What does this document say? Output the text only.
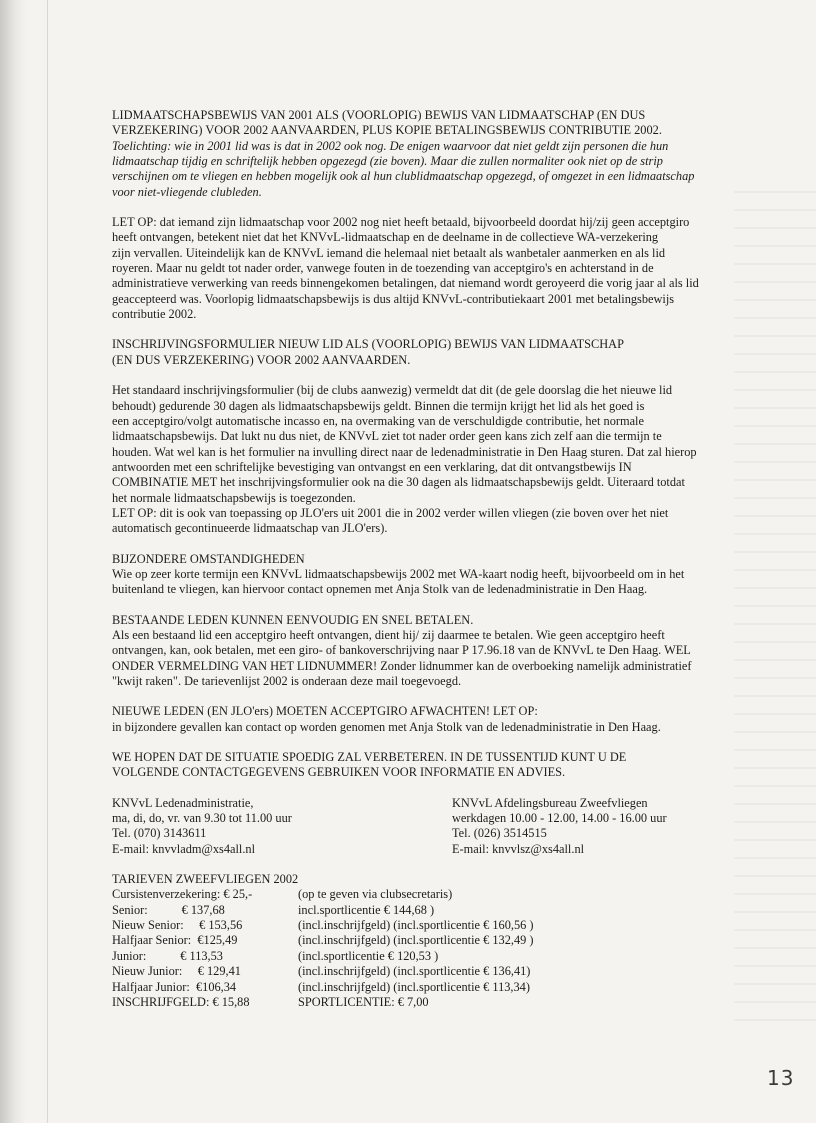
LIDMAATSCHAPSBEWIJS VAN 2001 ALS (VOORLOPIG) BEWIJS VAN LIDMAATSCHAP (EN DUS
VERZEKERING) VOOR 2002 AANVAARDEN, PLUS KOPIE BETALINGSBEWIJS CONTRIBUTIE 2002.
Toelichting: wie in 2001 lid was is dat in 2002 ook nog. De enigen waarvoor dat niet geldt zijn personen die hun
lidmaatschap tijdig en schriftelijk hebben opgezegd (zie boven). Maar die zullen normaliter ook niet op de strip
verschijnen om te vliegen en hebben mogelijk ook al hun clublidmaatschap opgezegd, of omgezet in een lidmaatschap
voor niet-vliegende clubleden.
LET OP: dat iemand zijn lidmaatschap voor 2002 nog niet heeft betaald, bijvoorbeeld doordat hij/zij geen acceptgiro
heeft ontvangen, betekent niet dat het KNVvL-lidmaatschap en de deelname in de collectieve WA-verzekering
zijn vervallen. Uiteindelijk kan de KNVvL iemand die helemaal niet betaalt als wanbetaler aanmerken en als lid
royeren. Maar nu geldt tot nader order, vanwege fouten in de toezending van acceptgiro's en achterstand in de
administratieve verwerking van reeds binnengekomen betalingen, dat niemand wordt geroyeerd die vorig jaar al als lid
geaccepteerd was. Voorlopig lidmaatschapsbewijs is dus altijd KNVvL-contributiekaart 2001 met betalingsbewijs
contributie 2002.
INSCHRIJVINGSFORMULIER NIEUW LID ALS (VOORLOPIG) BEWIJS VAN LIDMAATSCHAP
(EN DUS VERZEKERING) VOOR 2002 AANVAARDEN.
Het standaard inschrijvingsformulier (bij de clubs aanwezig) vermeldt dat dit (de gele doorslag die het nieuwe lid
behoudt) gedurende 30 dagen als lidmaatschapsbewijs geldt. Binnen die termijn krijgt het lid als het goed is
een acceptgiro/volgt automatische incasso en, na overmaking van de verschuldigde contributie, het normale
lidmaatschapsbewijs. Dat lukt nu dus niet, de KNVvL ziet tot nader order geen kans zich zelf aan die termijn te
houden. Wat wel kan is het formulier na invulling direct naar de ledenadministratie in Den Haag sturen. Dat zal hierop
antwoorden met een schriftelijke bevestiging van ontvangst en een verklaring, dat dit ontvangstbewijs IN
COMBINATIE MET het inschrijvingsformulier ook na die 30 dagen als lidmaatschapsbewijs geldt. Uiteraard totdat
het normale lidmaatschapsbewijs is toegezonden.
LET OP: dit is ook van toepassing op JLO'ers uit 2001 die in 2002 verder willen vliegen (zie boven over het niet
automatisch gecontinueerde lidmaatschap van JLO'ers).
BIJZONDERE OMSTANDIGHEDEN
Wie op zeer korte termijn een KNVvL lidmaatschapsbewijs 2002 met WA-kaart nodig heeft, bijvoorbeeld om in het
buitenland te vliegen, kan hiervoor contact opnemen met Anja Stolk van de ledenadministratie in Den Haag.
BESTAANDE LEDEN KUNNEN EENVOUDIG EN SNEL BETALEN.
Als een bestaand lid een acceptgiro heeft ontvangen, dient hij/ zij daarmee te betalen. Wie geen acceptgiro heeft
ontvangen, kan, ook betalen, met een giro- of bankoverschrijving naar P 17.96.18 van de KNVvL te Den Haag. WEL
ONDER VERMELDING VAN HET LIDNUMMER! Zonder lidnummer kan de overboeking namelijk administratief
"kwijt raken". De tarievenlijst 2002 is onderaan deze mail toegevoegd.
NIEUWE LEDEN (EN JLO'ers) MOETEN ACCEPTGIRO AFWACHTEN! LET OP:
in bijzondere gevallen kan contact op worden genomen met Anja Stolk van de ledenadministratie in Den Haag.
WE HOPEN DAT DE SITUATIE SPOEDIG ZAL VERBETEREN. IN DE TUSSENTIJD KUNT U DE
VOLGENDE CONTACTGEGEVENS GEBRUIKEN VOOR INFORMATIE EN ADVIES.
KNVvL Ledenadministratie,
ma, di, do, vr. van 9.30 tot 11.00 uur
Tel. (070) 3143611
E-mail: knvvladm@xs4all.nl
KNVvL Afdelingsbureau Zweefvliegen
werkdagen 10.00 - 12.00, 14.00 - 16.00 uur
Tel. (026) 3514515
E-mail: knvvlsz@xs4all.nl
TARIEVEN ZWEEFVLIEGEN 2002
Cursistenverzekering: € 25,-	(op te geven via clubsecretaris)
Senior:           € 137,68	incl.sportlicentie € 144,68 )
Nieuw Senior:     € 153,56	(incl.inschrijfgeld) (incl.sportlicentie € 160,56 )
Halfjaar Senior:  €125,49	(incl.inschrijfgeld) (incl.sportlicentie € 132,49 )
Junior:           € 113,53	(incl.sportlicentie € 120,53 )
Nieuw Junior:     € 129,41	(incl.inschrijfgeld) (incl.sportlicentie € 136,41)
Halfjaar Junior:  €106,34	(incl.inschrijfgeld) (incl.sportlicentie € 113,34)
INSCHRIJFGELD: € 15,88	SPORTLICENTIE: € 7,00
13
